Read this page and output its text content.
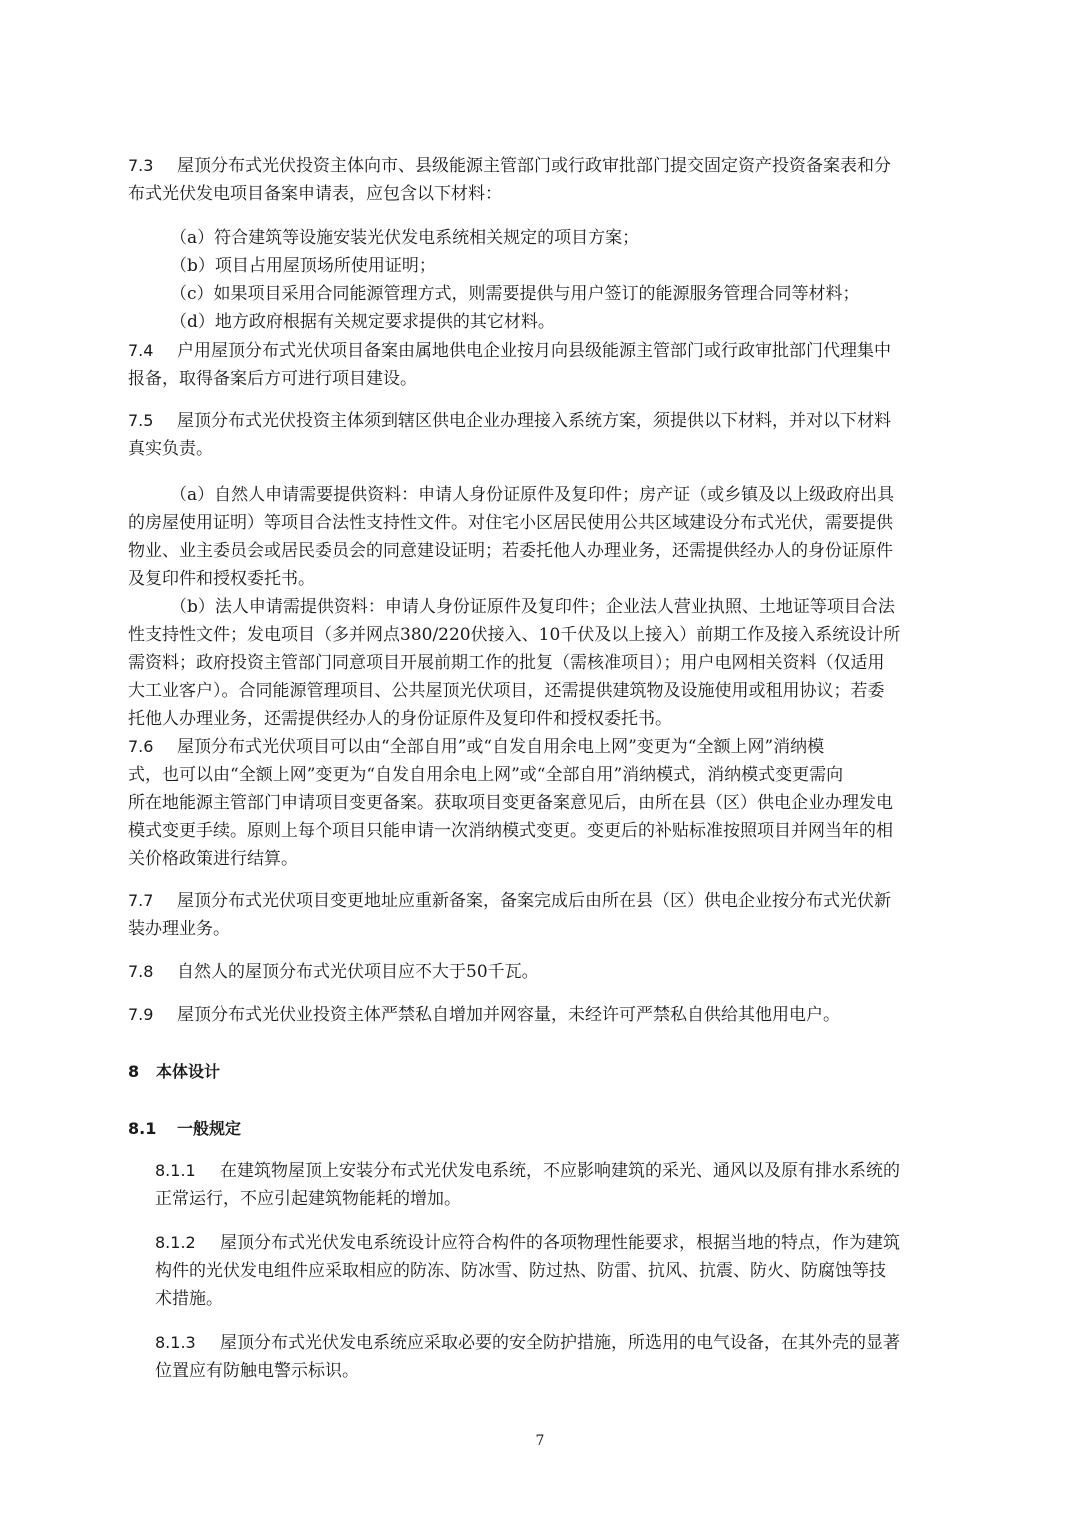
7.3 屋顶分布式光伏投资主体向市、县级能源主管部门或行政审批部门提交固定资产投资备案表和分
布式光伏发电项目备案申请表，应包含以下材料：
（a）符合建筑等设施安装光伏发电系统相关规定的项目方案；
（b）项目占用屋顶场所使用证明；
（c）如果项目采用合同能源管理方式，则需要提供与用户签订的能源服务管理合同等材料；
（d）地方政府根据有关规定要求提供的其它材料。
7.4 户用屋顶分布式光伏项目备案由属地供电企业按月向县级能源主管部门或行政审批部门代理集中
报备，取得备案后方可进行项目建设。
7.5 屋顶分布式光伏投资主体须到辖区供电企业办理接入系统方案，须提供以下材料，并对以下材料
真实负责。
（a）自然人申请需要提供资料：申请人身份证原件及复印件；房产证（或乡镇及以上级政府出具
的房屋使用证明）等项目合法性支持性文件。对住宅小区居民使用公共区域建设分布式光伏，需要提供
物业、业主委员会或居民委员会的同意建设证明；若委托他人办理业务，还需提供经办人的身份证原件
及复印件和授权委托书。
（b）法人申请需提供资料：申请人身份证原件及复印件；企业法人营业执照、土地证等项目合法
性支持性文件；发电项目（多并网点380/220伏接入、10千伏及以上接入）前期工作及接入系统设计所
需资料；政府投资主管部门同意项目开展前期工作的批复（需核准项目）；用户电网相关资料（仅适用
大工业客户）。合同能源管理项目、公共屋顶光伏项目，还需提供建筑物及设施使用或租用协议；若委
托他人办理业务，还需提供经办人的身份证原件及复印件和授权委托书。
7.6 屋顶分布式光伏项目可以由“全部自用”或“自发自用余电上网”变更为“全额上网”消纳模
式，也可以由“全额上网”变更为“自发自用余电上网”或“全部自用”消纳模式，消纳模式变更需向
所在地能源主管部门申请项目变更备案。获取项目变更备案意见后，由所在县（区）供电企业办理发电
模式变更手续。原则上每个项目只能申请一次消纳模式变更。变更后的补贴标准按照项目并网当年的相
关价格政策进行结算。
7.7 屋顶分布式光伏项目变更地址应重新备案，备案完成后由所在县（区）供电企业按分布式光伏新
装办理业务。
7.8 自然人的屋顶分布式光伏项目应不大于50千瓦。
7.9 屋顶分布式光伏业投资主体严禁私自增加并网容量，未经许可严禁私自供给其他用电户。
8 本体设计
8.1 一般规定
8.1.1 在建筑物屋顶上安装分布式光伏发电系统，不应影响建筑的采光、通风以及原有排水系统的
正常运行，不应引起建筑物能耗的增加。
8.1.2 屋顶分布式光伏发电系统设计应符合构件的各项物理性能要求，根据当地的特点，作为建筑
构件的光伏发电组件应采取相应的防冻、防冰雪、防过热、防雷、抗风、抗震、防火、防腐蚀等技
术措施。
8.1.3 屋顶分布式光伏发电系统应采取必要的安全防护措施，所选用的电气设备，在其外壳的显著
位置应有防触电警示标识。
7
